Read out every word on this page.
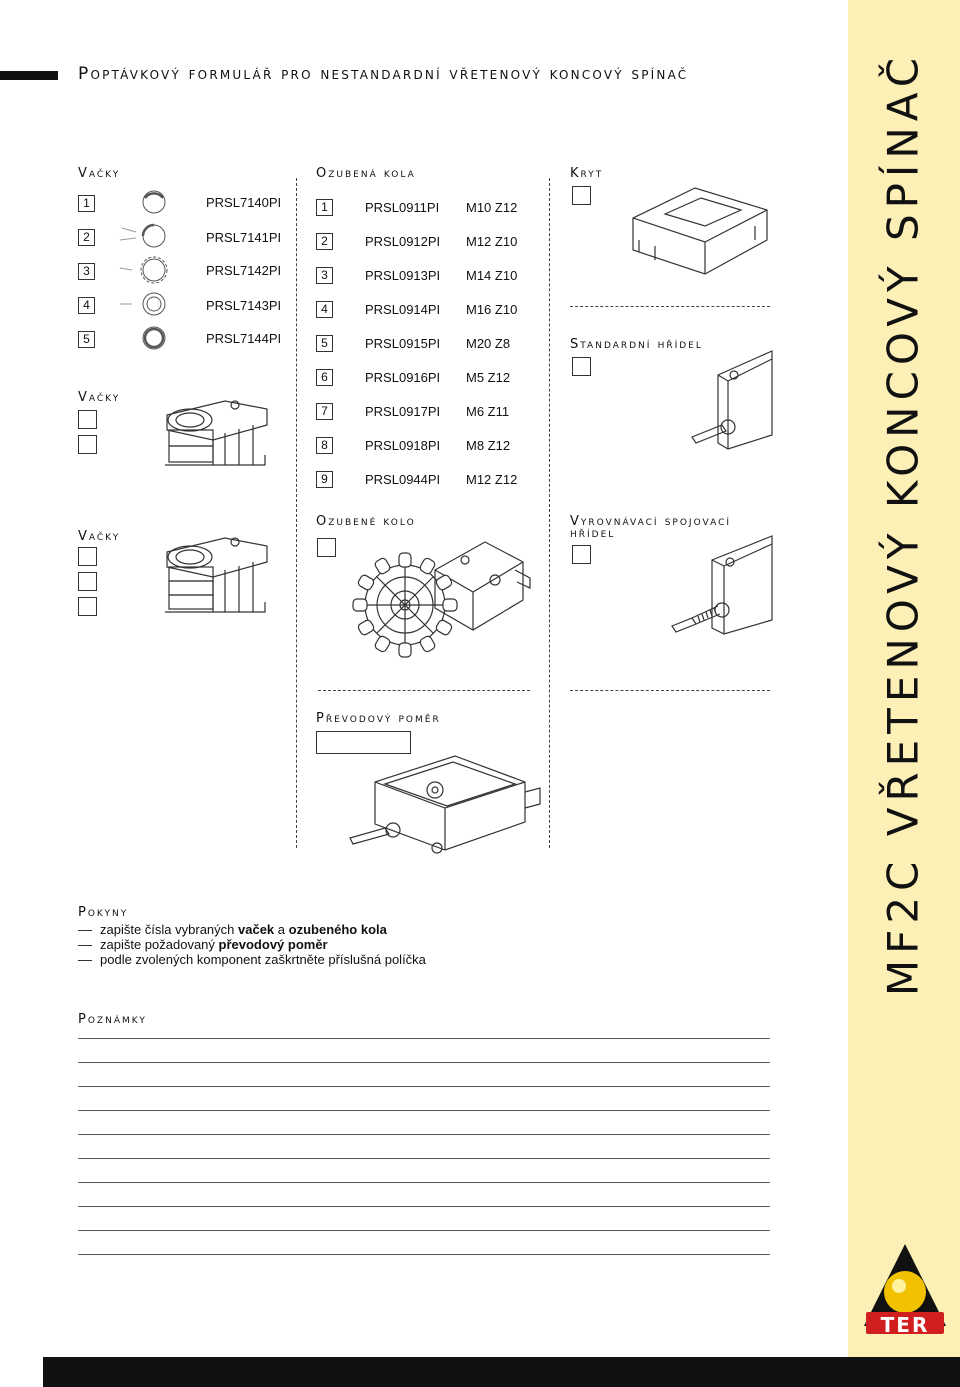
Poptávkový formulář pro nestandardní vřetenový koncový spínač	MF2C VŘETENOVÝ KONCOVÝ SPÍNAČ
TER
Vačky
1	PRSL7140PI
2	PRSL7141PI
3	PRSL7142PI
4	PRSL7143PI
5	PRSL7144PI
Vačky
Vačky
Ozubená kola
1	PRSL0911PI M10 Z12
2	PRSL0912PI M12 Z10
3	PRSL0913PI M14 Z10
4	PRSL0914PI M16 Z10
5	PRSL0915PI M20 Z8
6	PRSL0916PI M5 Z12
7	PRSL0917PI M6 Z11
8	PRSL0918PI M8 Z12
9	PRSL0944PI M12 Z12
Ozubené kolo
Převodový poměr
Kryt
Standardní hřídel
Vyrovnávací spojovací
hřídel
Pokyny
zapište čísla vybraných vaček a ozubeného kola
zapište požadovaný převodový poměr
podle zvolených komponent zaškrtněte příslušná políčka
Poznámky
